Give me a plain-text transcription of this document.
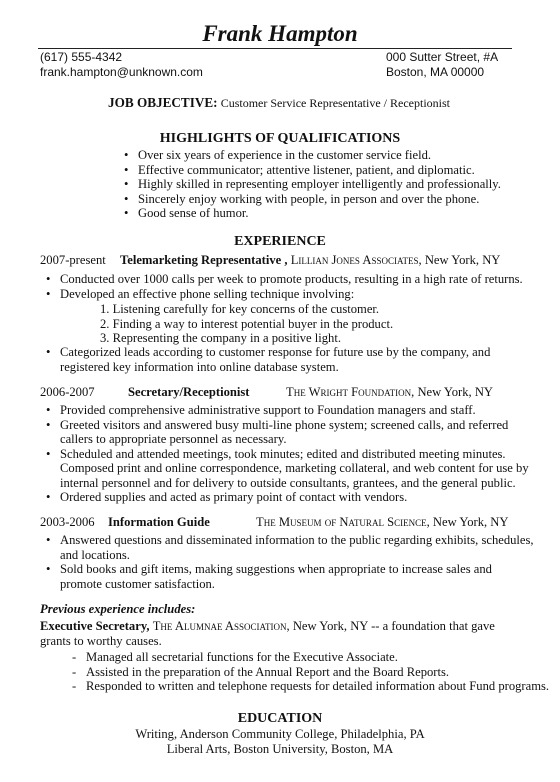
Frank Hampton
(617) 555-4342
frank.hampton@unknown.com
000 Sutter Street, #A
Boston, MA 00000
JOB OBJECTIVE: Customer Service Representative / Receptionist
HIGHLIGHTS OF QUALIFICATIONS
• Over six years of experience in the customer service field.
• Effective communicator; attentive listener, patient, and diplomatic.
• Highly skilled in representing employer intelligently and professionally.
• Sincerely enjoy working with people, in person and over the phone.
• Good sense of humor.
EXPERIENCE
2007-present Telemarketing Representative , Lillian Jones Associates, New York, NY
• Conducted over 1000 calls per week to promote products, resulting in a high rate of returns.
• Developed an effective phone selling technique involving:
1. Listening carefully for key concerns of the customer.
2. Finding a way to interest potential buyer in the product.
3. Representing the company in a positive light.
• Categorized leads according to customer response for future use by the company, and
registered key information into online database system.
2006-2007	Secretary/Receptionist	The Wright Foundation, New York, NY
• Provided comprehensive administrative support to Foundation managers and staff.
• Greeted visitors and answered busy multi-line phone system; screened calls, and referred
callers to appropriate personnel as necessary.
• Scheduled and attended meetings, took minutes; edited and distributed meeting minutes.
Composed print and online correspondence, marketing collateral, and web content for use by
internal personnel and for delivery to outside consultants, grantees, and the general public.
• Ordered supplies and acted as primary point of contact with vendors.
2003-2006 Information Guide	The Museum of Natural Science, New York, NY
• Answered questions and disseminated information to the public regarding exhibits, schedules,
and locations.
• Sold books and gift items, making suggestions when appropriate to increase sales and
promote customer satisfaction.
Previous experience includes:
Executive Secretary, The Alumnae Association, New York, NY -- a foundation that gave
grants to worthy causes.
- Managed all secretarial functions for the Executive Associate.
- Assisted in the preparation of the Annual Report and the Board Reports.
- Responded to written and telephone requests for detailed information about Fund programs.
EDUCATION
Writing, Anderson Community College, Philadelphia, PA
Liberal Arts, Boston University, Boston, MA
